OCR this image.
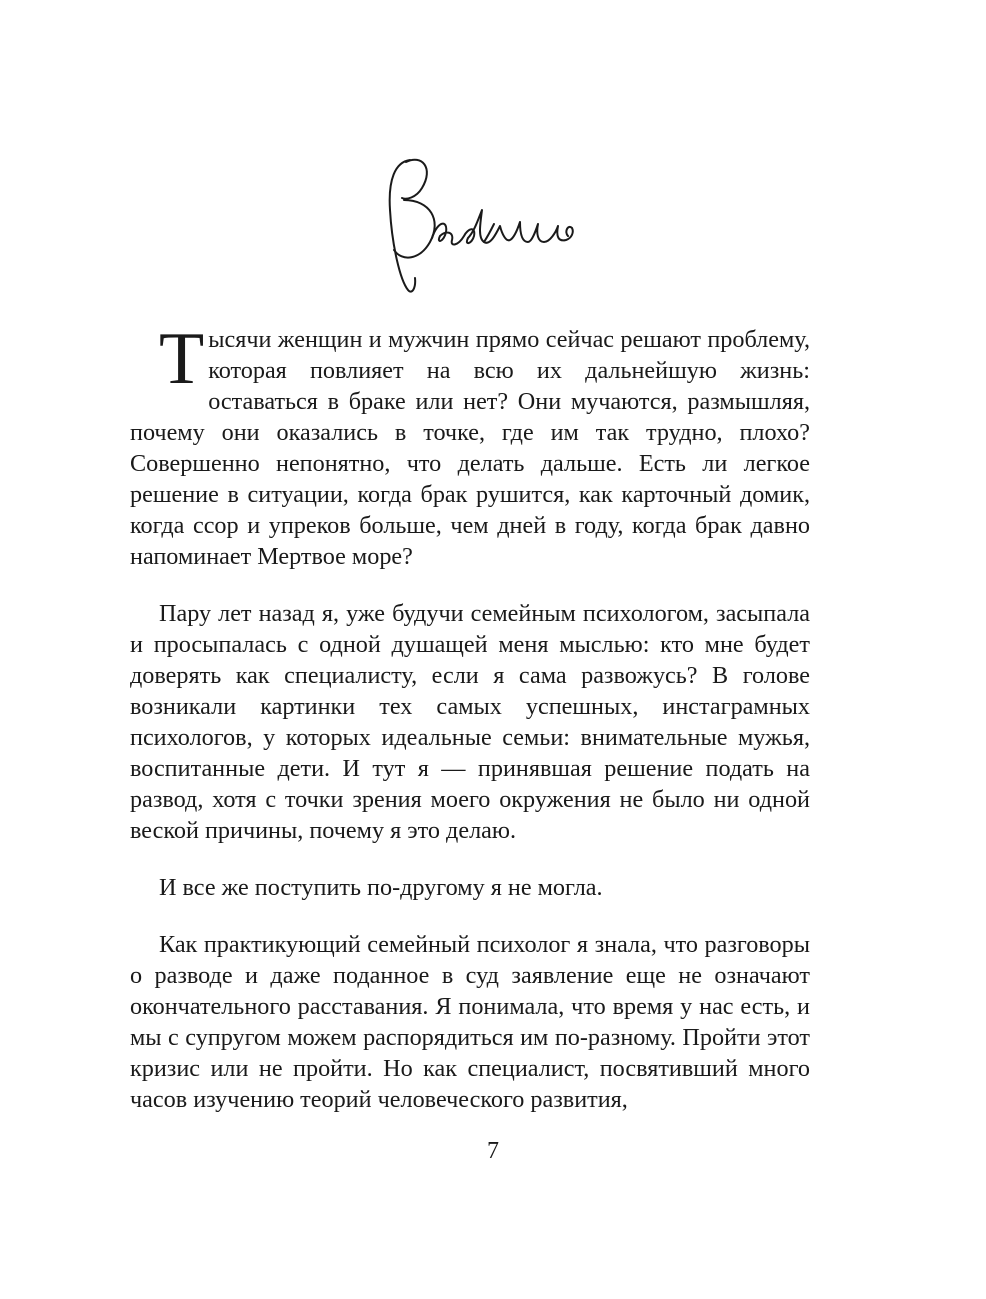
Т ысячи женщин и мужчин прямо сейчас решают проблему, которая повлияет на всю их дальнейшую жизнь: оставаться в браке или нет? Они мучаются, размышляя, почему они оказались в точке, где им так трудно, плохо? Совершенно непонятно, что делать дальше. Есть ли легкое решение в ситуации, когда брак рушится, как карточный домик, когда ссор и упреков больше, чем дней в году, когда брак давно напоминает Мертвое море?

Пару лет назад я, уже будучи семейным психологом, засыпала и просыпалась с одной душащей меня мыслью: кто мне будет доверять как специалисту, если я сама развожусь? В голове возникали картинки тех самых успешных, инстаграмных психологов, у которых идеальные семьи: внимательные мужья, воспитанные дети. И тут я — принявшая решение подать на развод, хотя с точки зрения моего окружения не было ни одной веской причины, почему я это делаю.

И все же поступить по-другому я не могла.

Как практикующий семейный психолог я знала, что разговоры о разводе и даже поданное в суд заявление еще не означают окончательного расставания. Я понимала, что время у нас есть, и мы с супругом можем распорядиться им по-разному. Пройти этот кризис или не пройти. Но как специалист, посвятивший много часов изучению теорий человеческого развития,

7
